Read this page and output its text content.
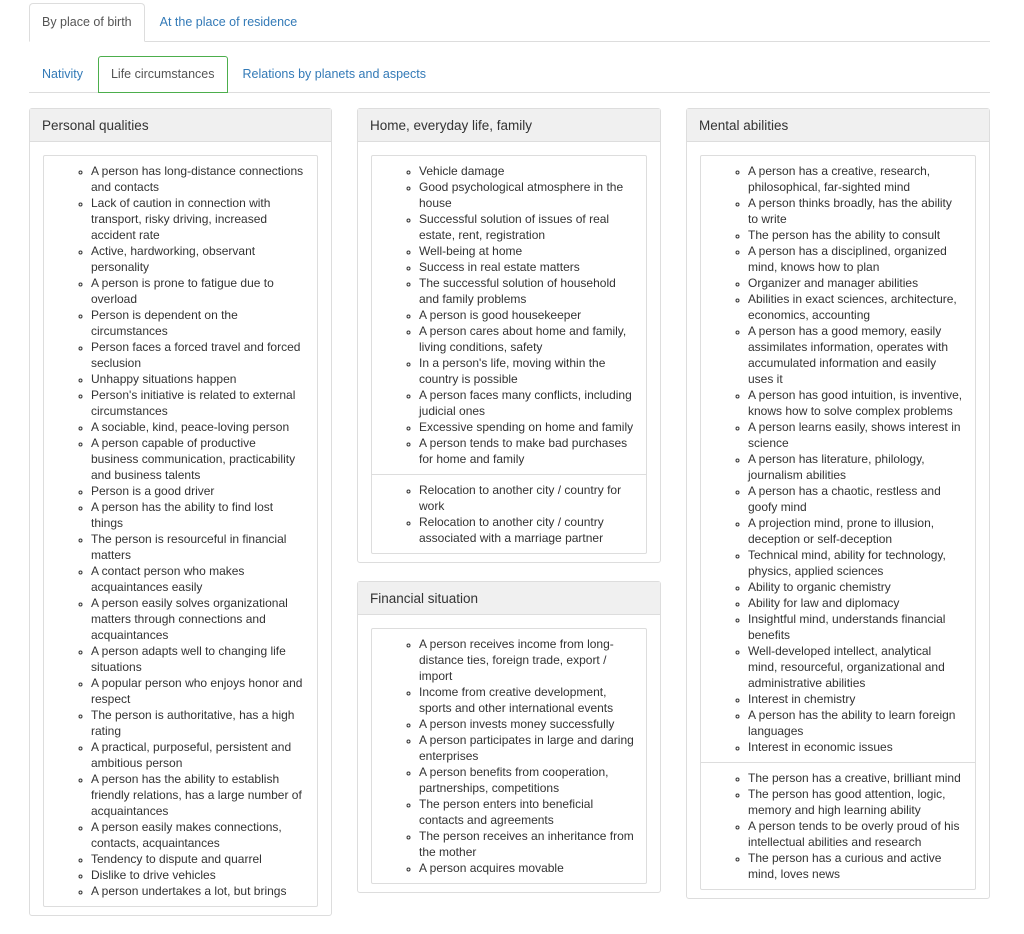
By place of birth	At the place of residence
Nativity	Life circumstances	Relations by planets and aspects
Personal qualities
◦ A person has long-distance connections and contacts
◦ Lack of caution in connection with transport, risky driving, increased accident rate
◦ Active, hardworking, observant personality
◦ A person is prone to fatigue due to overload
◦ Person is dependent on the circumstances
◦ Person faces a forced travel and forced seclusion
◦ Unhappy situations happen
◦ Person's initiative is related to external circumstances
◦ A sociable, kind, peace-loving person
◦ A person capable of productive business communication, practicability and business talents
◦ Person is a good driver
◦ A person has the ability to find lost things
◦ The person is resourceful in financial matters
◦ A contact person who makes acquaintances easily
◦ A person easily solves organizational matters through connections and acquaintances
◦ A person adapts well to changing life situations
◦ A popular person who enjoys honor and respect
◦ The person is authoritative, has a high rating
◦ A practical, purposeful, persistent and ambitious person
◦ A person has the ability to establish friendly relations, has a large number of acquaintances
◦ A person easily makes connections, contacts, acquaintances
◦ Tendency to dispute and quarrel
◦ Dislike to drive vehicles
◦ A person undertakes a lot, but brings
Home, everyday life, family
◦ Vehicle damage
◦ Good psychological atmosphere in the house
◦ Successful solution of issues of real estate, rent, registration
◦ Well-being at home
◦ Success in real estate matters
◦ The successful solution of household and family problems
◦ A person is good housekeeper
◦ A person cares about home and family, living conditions, safety
◦ In a person's life, moving within the country is possible
◦ A person faces many conflicts, including judicial ones
◦ Excessive spending on home and family
◦ A person tends to make bad purchases for home and family
◦ Relocation to another city / country for work
◦ Relocation to another city / country associated with a marriage partner
Financial situation
◦ A person receives income from long-distance ties, foreign trade, export / import
◦ Income from creative development, sports and other international events
◦ A person invests money successfully
◦ A person participates in large and daring enterprises
◦ A person benefits from cooperation, partnerships, competitions
◦ The person enters into beneficial contacts and agreements
◦ The person receives an inheritance from the mother
◦ A person acquires movable
Mental abilities
◦ A person has a creative, research, philosophical, far-sighted mind
◦ A person thinks broadly, has the ability to write
◦ The person has the ability to consult
◦ A person has a disciplined, organized mind, knows how to plan
◦ Organizer and manager abilities
◦ Abilities in exact sciences, architecture, economics, accounting
◦ A person has a good memory, easily assimilates information, operates with accumulated information and easily uses it
◦ A person has good intuition, is inventive, knows how to solve complex problems
◦ A person learns easily, shows interest in science
◦ A person has literature, philology, journalism abilities
◦ A person has a chaotic, restless and goofy mind
◦ A projection mind, prone to illusion, deception or self-deception
◦ Technical mind, ability for technology, physics, applied sciences
◦ Ability to organic chemistry
◦ Ability for law and diplomacy
◦ Insightful mind, understands financial benefits
◦ Well-developed intellect, analytical mind, resourceful, organizational and administrative abilities
◦ Interest in chemistry
◦ A person has the ability to learn foreign languages
◦ Interest in economic issues
◦ The person has a creative, brilliant mind
◦ The person has good attention, logic, memory and high learning ability
◦ A person tends to be overly proud of his intellectual abilities and research
◦ The person has a curious and active mind, loves news
